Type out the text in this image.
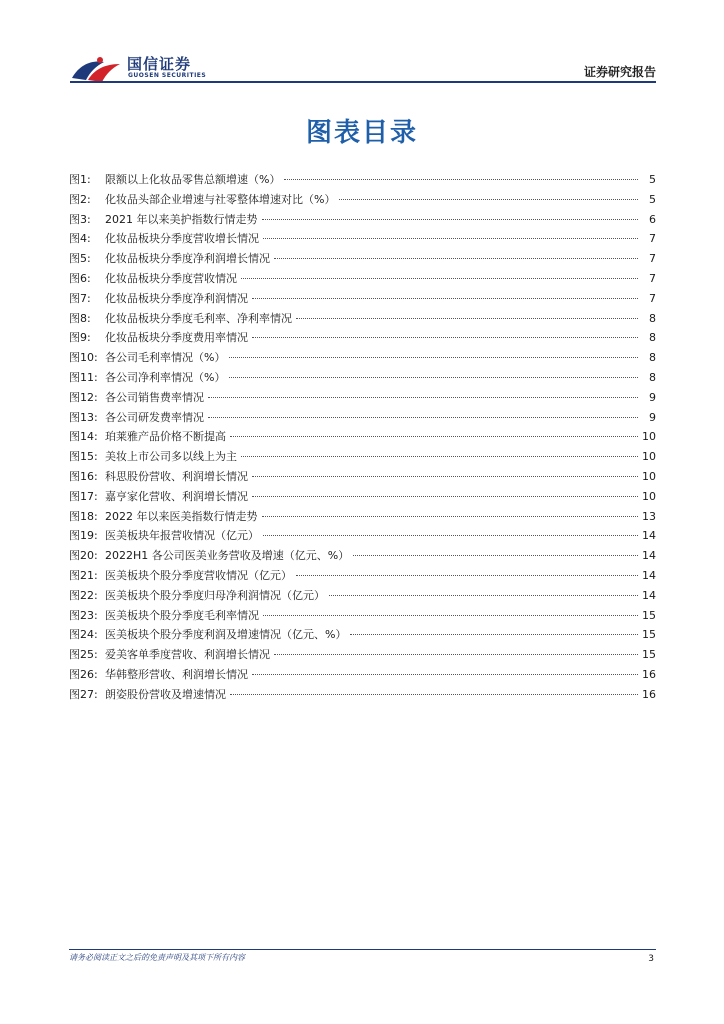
国信证券
GUOSEN SECURITIES	证券研究报告
图表目录
图1:	限额以上化妆品零售总额增速（%）	5
图2:	化妆品头部企业增速与社零整体增速对比（%）	5
图3:	2021 年以来美护指数行情走势	6
图4:	化妆品板块分季度营收增长情况	7
图5:	化妆品板块分季度净利润增长情况	7
图6:	化妆品板块分季度营收情况	7
图7:	化妆品板块分季度净利润情况	7
图8:	化妆品板块分季度毛利率、净利率情况	8
图9:	化妆品板块分季度费用率情况	8
图10: 各公司毛利率情况（%）	8
图11: 各公司净利率情况（%）	8
图12: 各公司销售费率情况	9
图13: 各公司研发费率情况	9
图14: 珀莱雅产品价格不断提高	10
图15: 美妆上市公司多以线上为主	10
图16: 科思股份营收、利润增长情况	10
图17: 嘉亨家化营收、利润增长情况	10
图18: 2022 年以来医美指数行情走势	13
图19: 医美板块年报营收情况（亿元）	14
图20: 2022H1 各公司医美业务营收及增速（亿元、%）	14
图21: 医美板块个股分季度营收情况（亿元）	14
图22: 医美板块个股分季度归母净利润情况（亿元）	14
图23: 医美板块个股分季度毛利率情况	15
图24: 医美板块个股分季度利润及增速情况（亿元、%）	15
图25: 爱美客单季度营收、利润增长情况	15
图26: 华韩整形营收、利润增长情况	16
图27: 朗姿股份营收及增速情况	16
请务必阅读正文之后的免责声明及其项下所有内容	3
